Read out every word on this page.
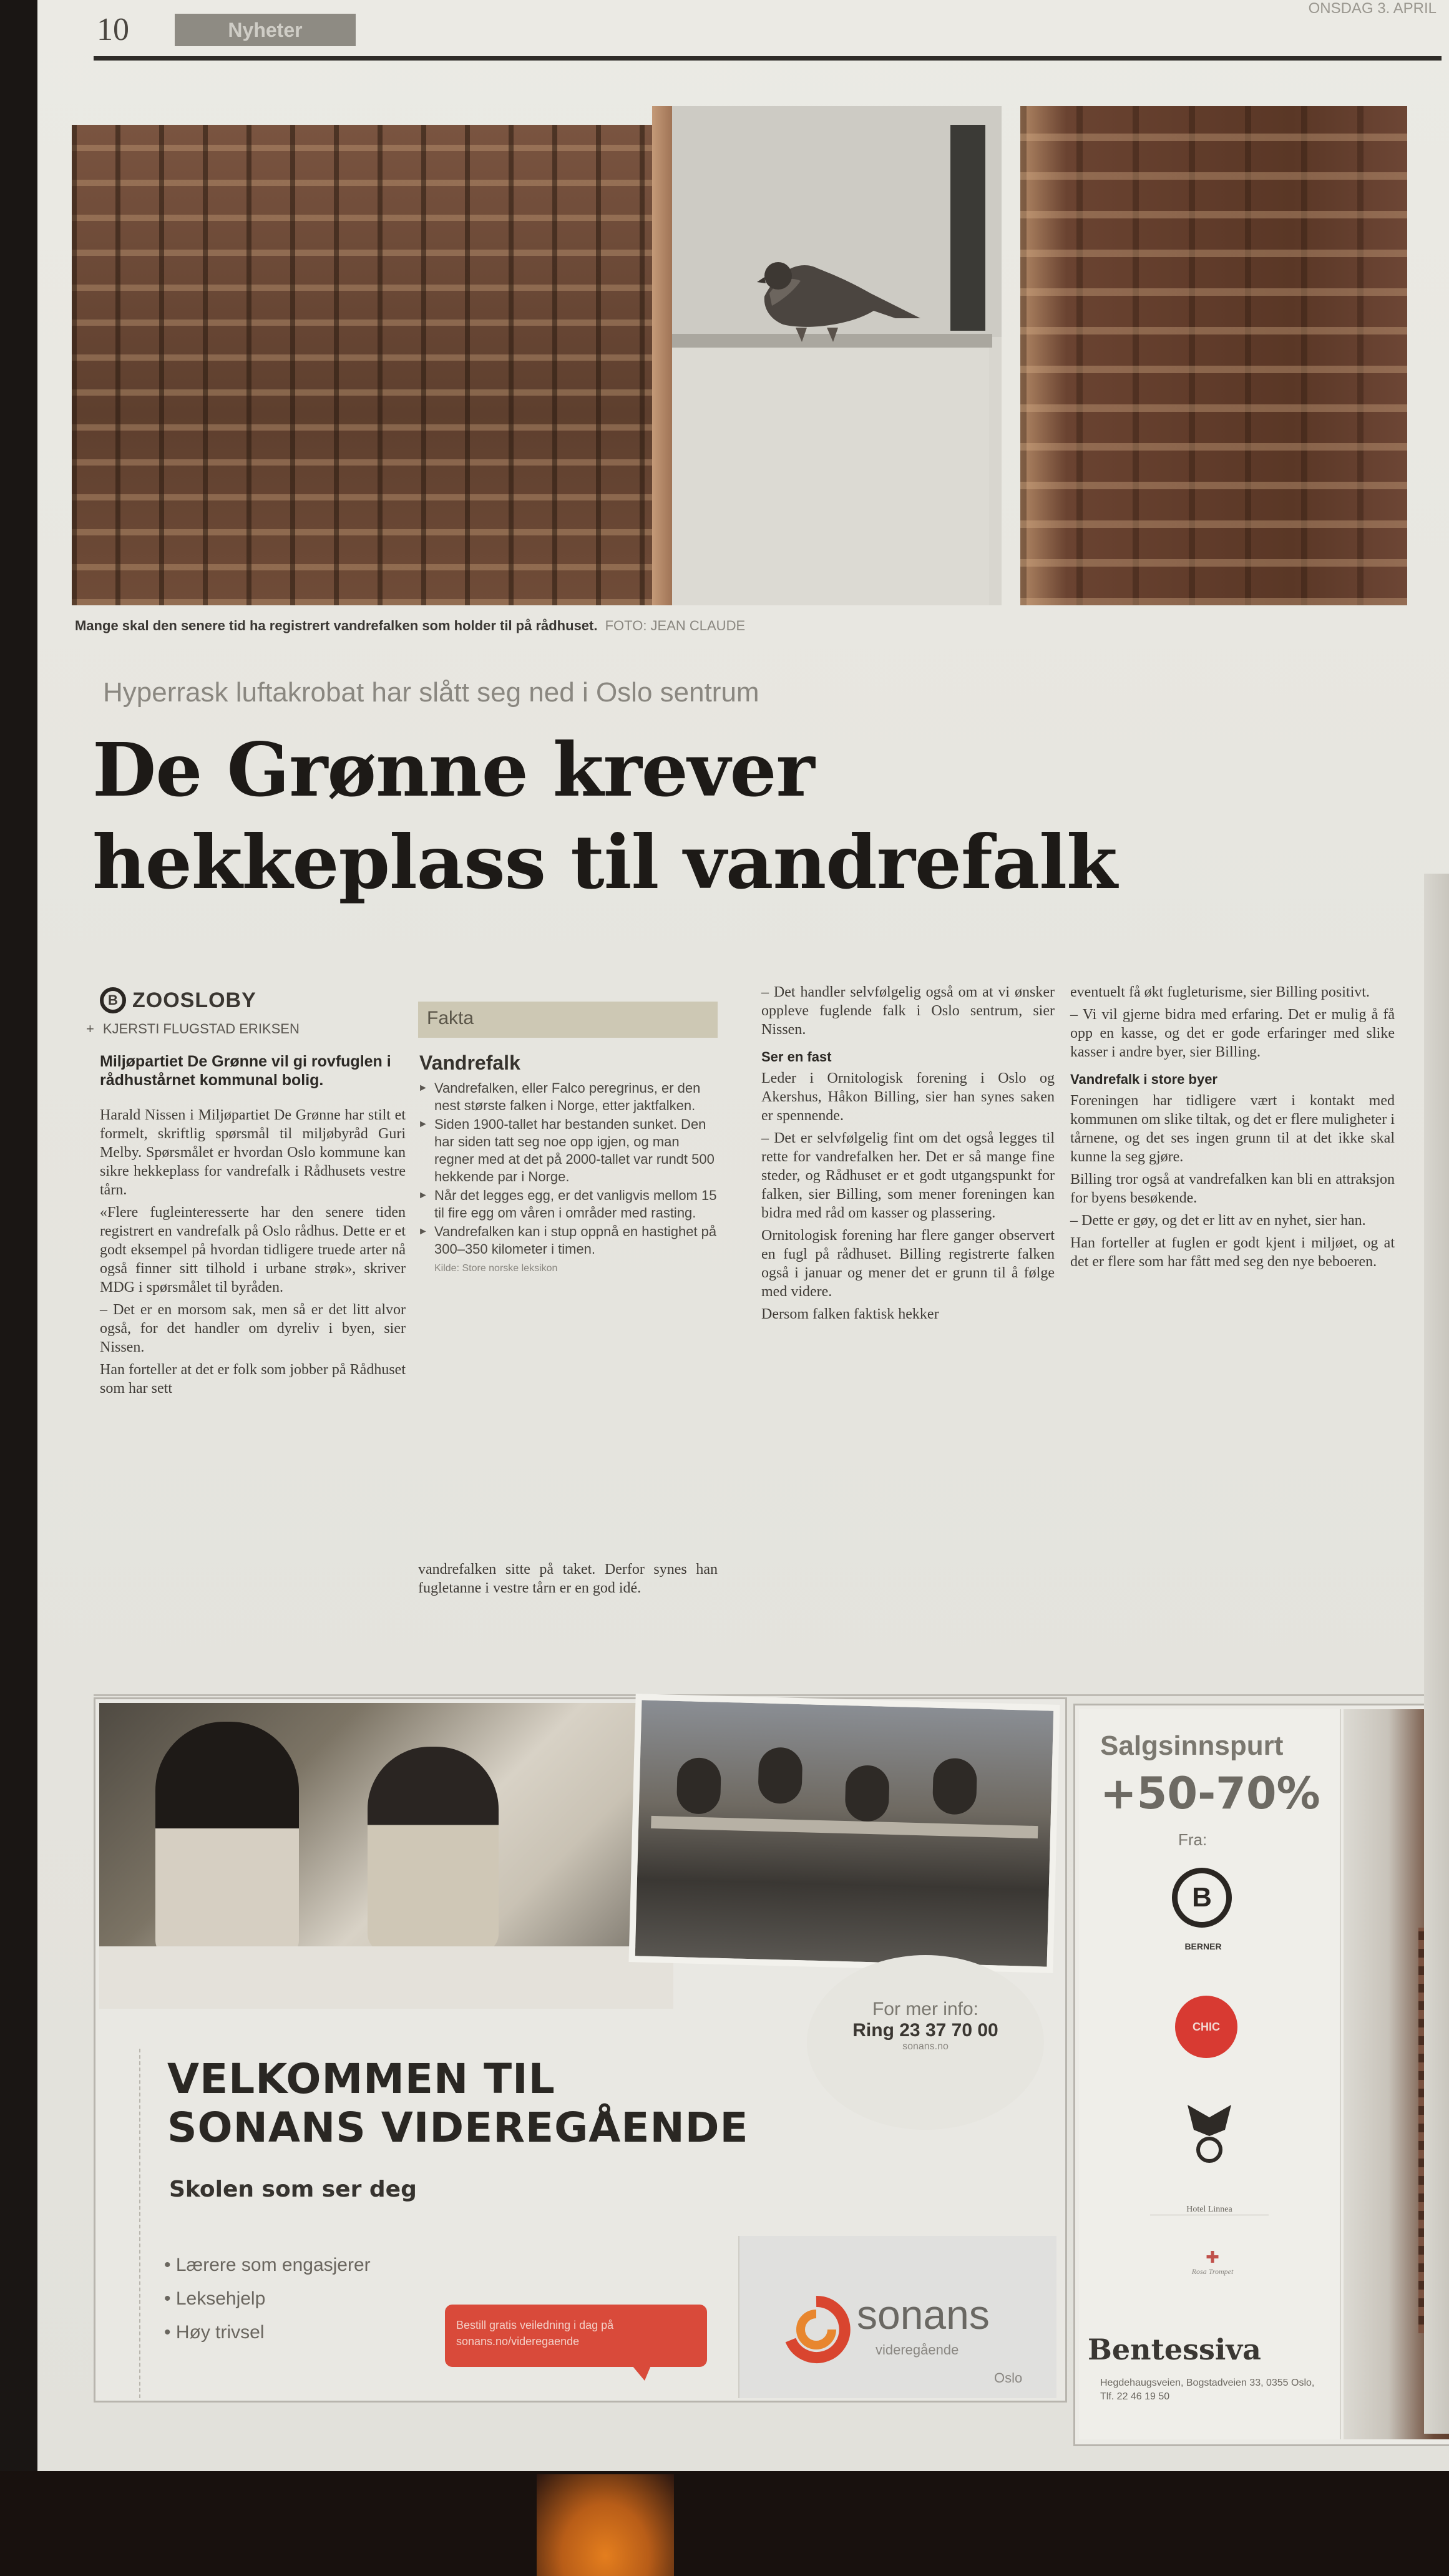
10	Nyheter
ONSDAG 3. APRIL
Mange skal den senere tid ha registrert vandrefalken som holder til på rådhuset. FOTO: JEAN CLAUDE
Hyperrask luftakrobat har slått seg ned i Oslo sentrum
De Grønne krever
hekkeplass til vandrefalk
B ZOOSLOBY
+ KJERSTI FLUGSTAD ERIKSEN
Miljøpartiet De Grønne vil gi rovfuglen i rådhustårnet kommunal bolig.

Harald Nissen i Miljøpartiet De Grønne har stilt et formelt, skriftlig spørsmål til miljøbyråd Guri Melby. Spørsmålet er hvordan Oslo kommune kan sikre hekkeplass for vandrefalk i Rådhusets vestre tårn.

«Flere fugleinteresserte har den senere tiden registrert en vandrefalk på Oslo rådhus. Dette er et godt eksempel på hvordan tidligere truede arter nå også finner sitt tilhold i urbane strøk», skriver MDG i spørsmålet til byråden.

– Det er en morsom sak, men så er det litt alvor også, for det handler om dyreliv i byen, sier Nissen.

Han forteller at det er folk som jobber på Rådhuset som har sett

Fakta
Vandrefalk
► Vandrefalken, eller Falco peregrinus, er den nest største falken i Norge, etter jaktfalken.
► Siden 1900-tallet har bestanden sunket. Den har siden tatt seg noe opp igjen, og man regner med at det på 2000-tallet var rundt 500 hekkende par i Norge.
► Når det legges egg, er det vanligvis mellom 15 til fire egg om våren i områder med rasting.
► Vandrefalken kan i stup oppnå en hastighet på 300–350 kilometer i timen.
Kilde: Store norske leksikon
vandrefalken sitte på taket. Derfor synes han fugletanne i vestre tårn er en god idé.

– Det handler selvfølgelig også om at vi ønsker oppleve fuglende falk i Oslo sentrum, sier Nissen.

Ser en fast

Leder i Ornitologisk forening i Oslo og Akershus, Håkon Billing, sier han synes saken er spennende.

– Det er selvfølgelig fint om det også legges til rette for vandrefalken her. Det er så mange fine steder, og Rådhuset er et godt utgangspunkt for falken, sier Billing, som mener foreningen kan bidra med råd om kasser og plassering.

Ornitologisk forening har flere ganger observert en fugl på rådhuset. Billing registrerte falken også i januar og mener det er grunn til å følge med videre.

Dersom falken faktisk hekker

eventuelt få økt fugleturisme, sier Billing positivt.

– Vi vil gjerne bidra med erfaring. Det er mulig å få opp en kasse, og det er gode erfaringer med slike kasser i andre byer, sier Billing.

Vandrefalk i store byer

Foreningen har tidligere vært i kontakt med kommunen om slike tiltak, og det er flere muligheter i tårnene, og det ses ingen grunn til at det ikke skal kunne la seg gjøre.

Billing tror også at vandrefalken kan bli en attraksjon for byens besøkende.

– Dette er gøy, og det er litt av en nyhet, sier han.

Han forteller at fuglen er godt kjent i miljøet, og at det er flere som har fått med seg den nye beboeren.

For mer info:
Ring 23 37 70 00
sonans.no
VELKOMMEN TIL
SONANS VIDEREGÅENDE
Skolen som ser deg
• Lærere som engasjerer
• Leksehjelp
• Høy trivsel	Bestill gratis veiledning i dag på sonans.no/videregaende
sonans
videregående
Oslo
Salgsinnspurt
+50-70%
Fra:
B
BERNER
CHIC
Hotel Linnea
✚
Rosa Trompet
Bentessiva
Hegdehaugsveien, Bogstadveien 33, 0355 Oslo, Tlf. 22 46 19 50
